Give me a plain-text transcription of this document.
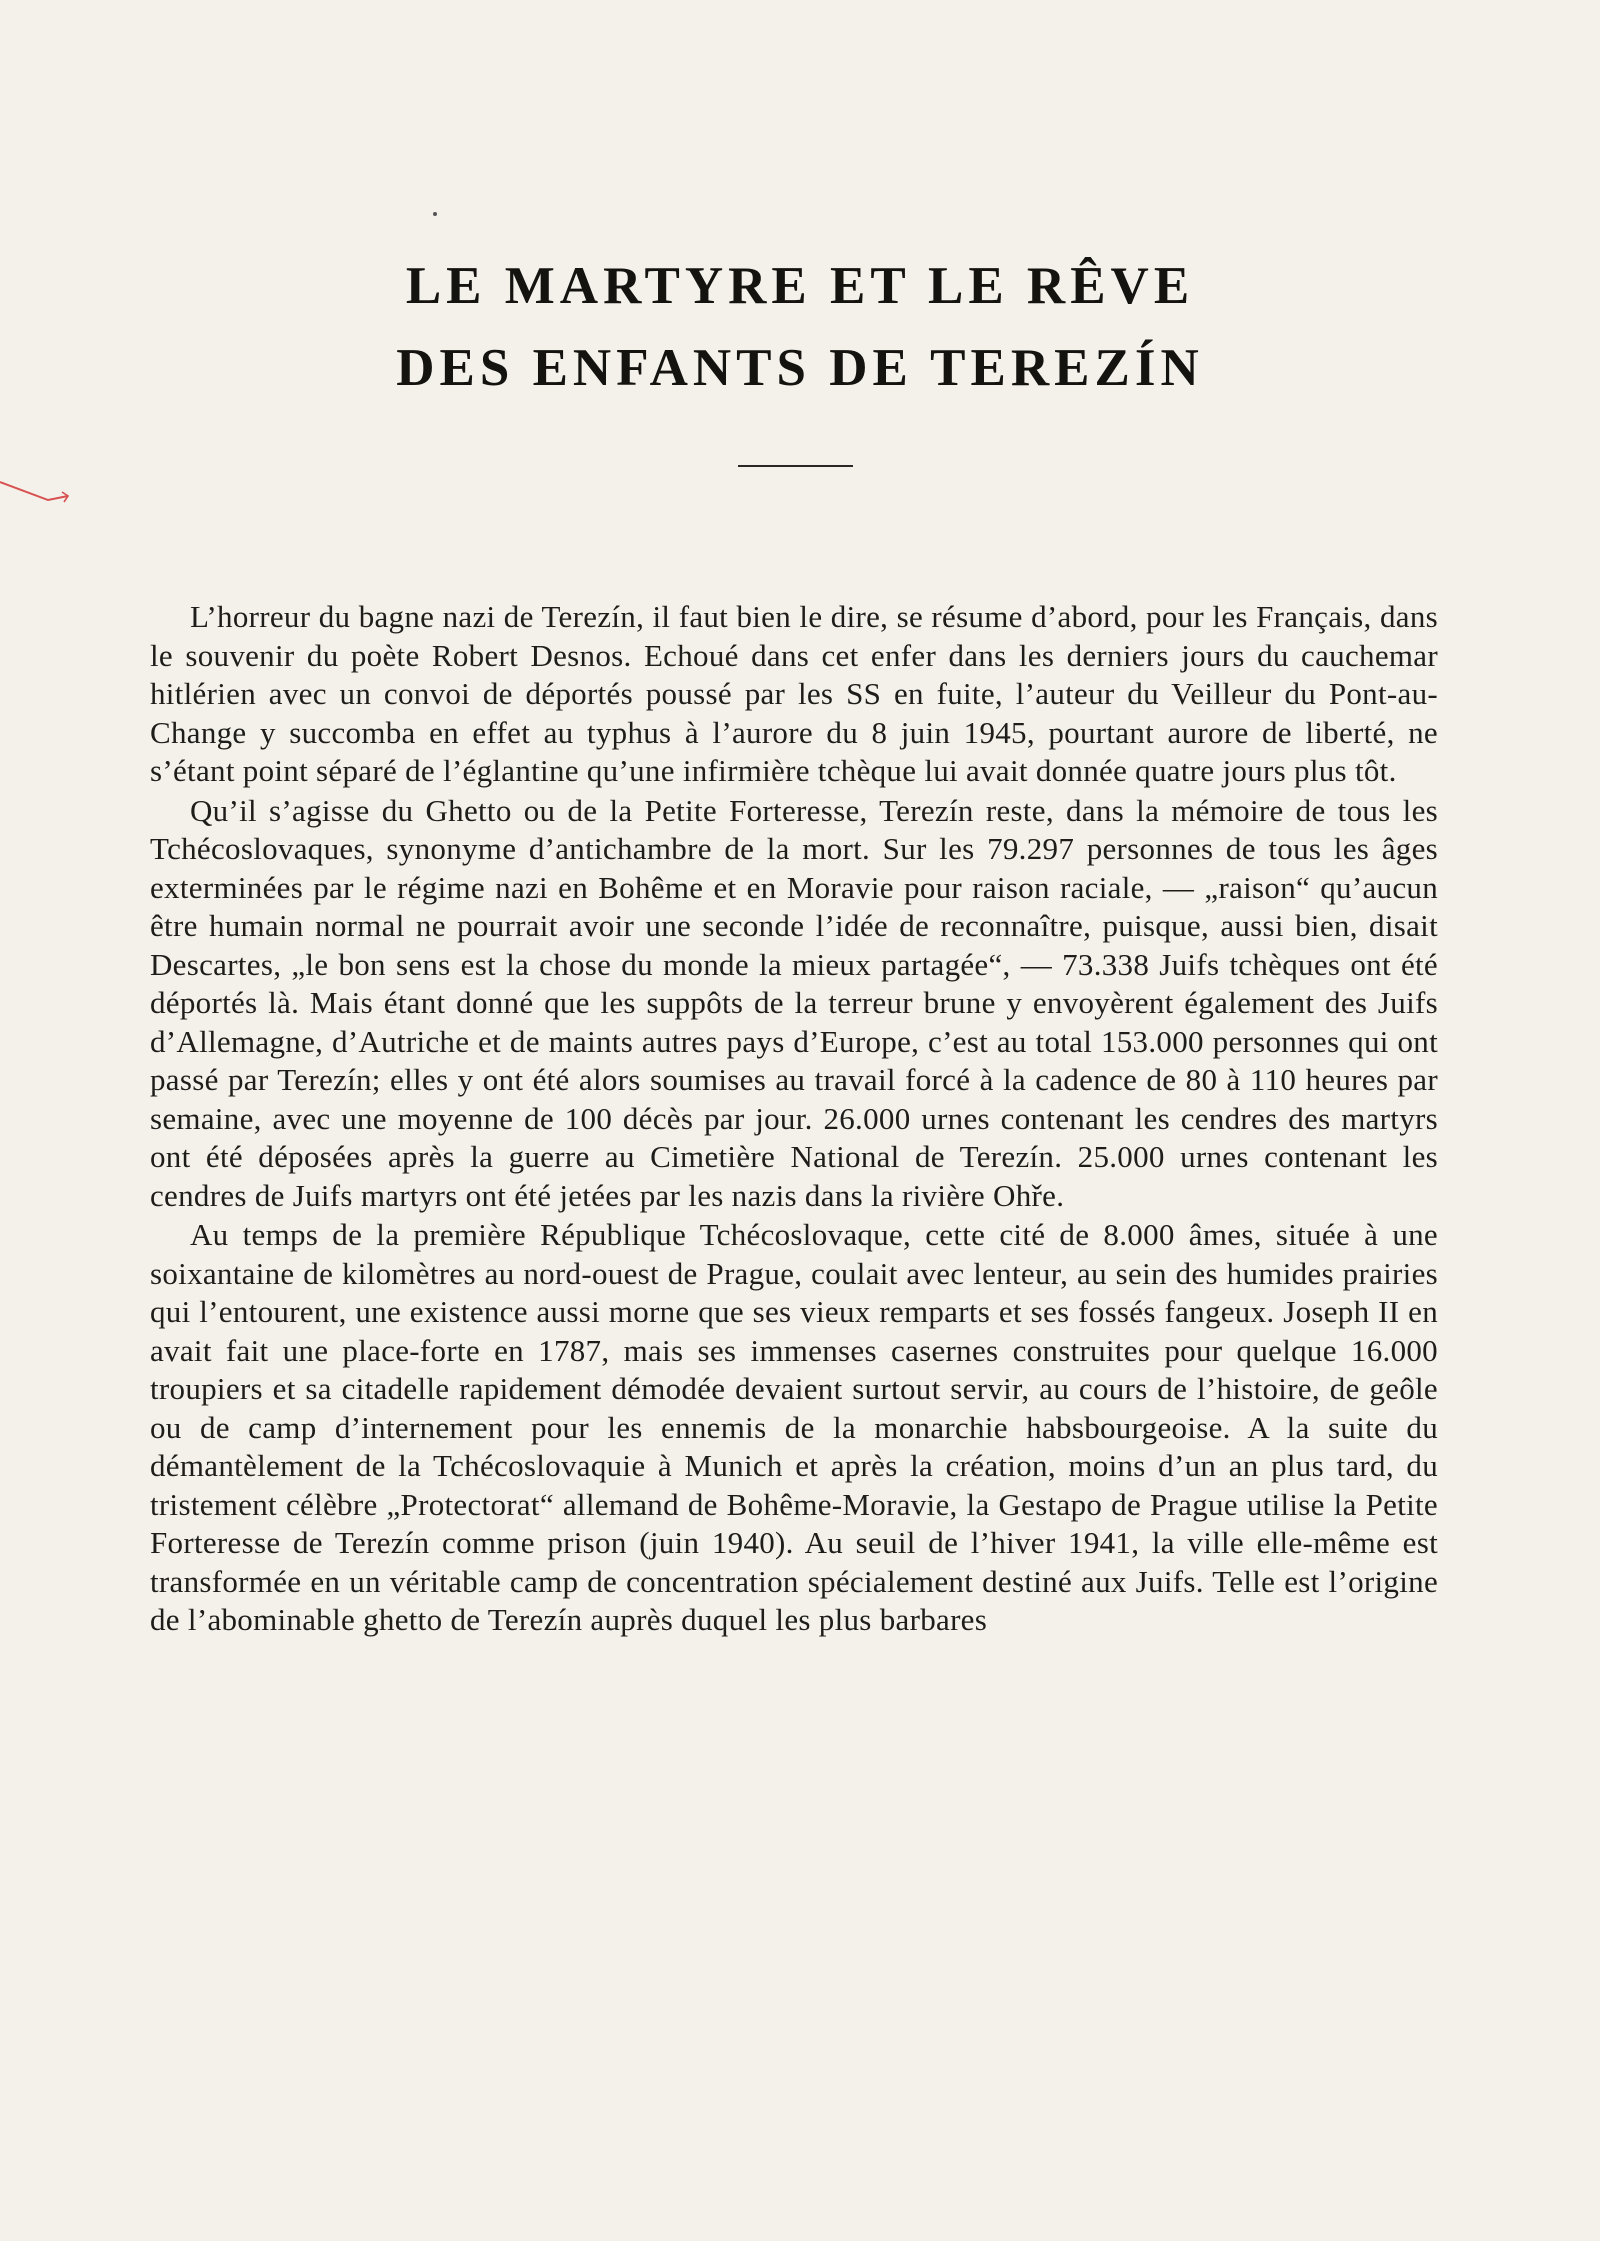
LE MARTYRE ET LE RÊVE
DES ENFANTS DE TEREZÍN

L’horreur du bagne nazi de Terezín, il faut bien le dire, se résume d’abord, pour les Français, dans le souvenir du poète Robert Desnos. Echoué dans cet enfer dans les derniers jours du cauchemar hitlérien avec un convoi de déportés poussé par les SS en fuite, l’auteur du Veilleur du Pont-au-Change y succomba en effet au typhus à l’aurore du 8 juin 1945, pourtant aurore de liberté, ne s’étant point séparé de l’églantine qu’une infirmière tchèque lui avait donnée quatre jours plus tôt.

Qu’il s’agisse du Ghetto ou de la Petite Forteresse, Terezín reste, dans la mémoire de tous les Tchécoslovaques, synonyme d’antichambre de la mort. Sur les 79.297 personnes de tous les âges exterminées par le régime nazi en Bohême et en Moravie pour raison raciale, — „raison“ qu’aucun être humain normal ne pourrait avoir une seconde l’idée de reconnaître, puisque, aussi bien, disait Descartes, „le bon sens est la chose du monde la mieux partagée“, — 73.338 Juifs tchèques ont été déportés là. Mais étant donné que les suppôts de la terreur brune y envoyèrent également des Juifs d’Allemagne, d’Autriche et de maints autres pays d’Europe, c’est au total 153.000 personnes qui ont passé par Terezín; elles y ont été alors soumises au travail forcé à la cadence de 80 à 110 heures par semaine, avec une moyenne de 100 décès par jour. 26.000 urnes contenant les cendres des martyrs ont été déposées après la guerre au Cimetière National de Terezín. 25.000 urnes contenant les cendres de Juifs martyrs ont été jetées par les nazis dans la rivière Ohře.

Au temps de la première République Tchécoslovaque, cette cité de 8.000 âmes, située à une soixantaine de kilomètres au nord-ouest de Prague, coulait avec lenteur, au sein des humides prairies qui l’entourent, une existence aussi morne que ses vieux remparts et ses fossés fangeux. Joseph II en avait fait une place-forte en 1787, mais ses immenses casernes construites pour quelque 16.000 troupiers et sa citadelle rapidement démodée devaient surtout servir, au cours de l’histoire, de geôle ou de camp d’internement pour les ennemis de la monarchie habsbourgeoise. A la suite du démantèlement de la Tchécoslovaquie à Munich et après la création, moins d’un an plus tard, du tristement célèbre „Protectorat“ allemand de Bohême-Moravie, la Gestapo de Prague utilise la Petite Forteresse de Terezín comme prison (juin 1940). Au seuil de l’hiver 1941, la ville elle-même est transformée en un véritable camp de concentration spécialement destiné aux Juifs. Telle est l’origine de l’abominable ghetto de Terezín auprès duquel les plus barbares
